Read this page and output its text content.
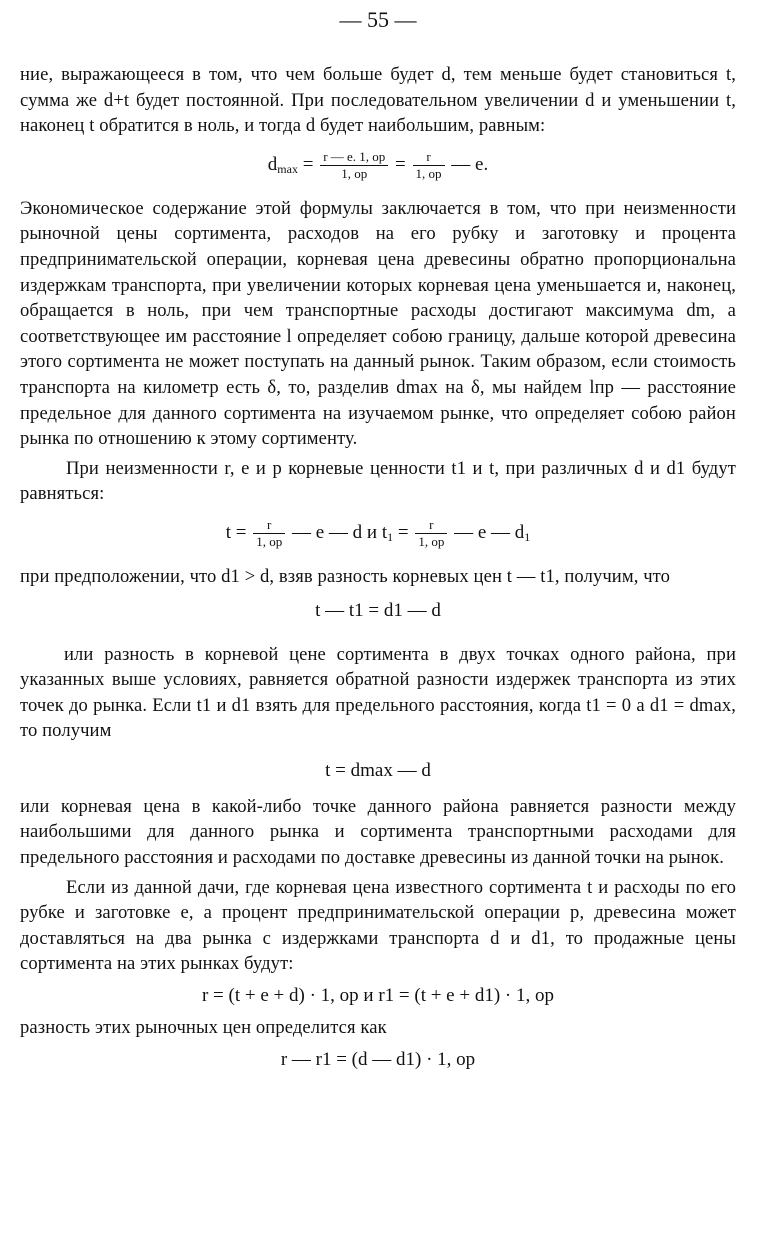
— 55 —

ние, выражающееся в том, что чем больше будет d, тем меньше будет становиться t, сумма же d+t будет постоянной. При последовательном увеличении d и уменьшении t, наконец t обратится в ноль, и тогда d будет наибольшим, равным:

$d_{max} = \frac{r — e. 1, op}{1, op} = \frac{r}{1, op}$ — e.

Экономическое содержание этой формулы заключается в том, что при неизменности рыночной цены сортимента, расходов на его рубку и заготовку и процента предпринимательской операции, корневая цена древесины обратно пропорциональна издержкам транспорта, при увеличении которых корневая цена уменьшается и, наконец, обращается в ноль, при чем транспортные расходы достигают максимума dm, а соответствующее им расстояние l определяет собою границу, дальше которой древесина этого сортимента не может поступать на данный рынок. Таким образом, если стоимость транспорта на километр есть δ, то, разделив dmax на δ, мы найдем lпр — расстояние предельное для данного сортимента на изучаемом рынке, что определяет собою район рынка по отношению к этому сортименту.

При неизменности r, e и p корневые ценности t1 и t, при различных d и d1 будут равняться:

$t = \frac{r}{1, op}$ — e — d и $t_1 = \frac{r}{1, op}$ — e — $d_1$

при предположении, что d1 > d, взяв разность корневых цен t — t1, получим, что

t — t1 = d1 — d

или разность в корневой цене сортимента в двух точках одного района, при указанных выше условиях, равняется обратной разности издержек транспорта из этих точек до рынка. Если t1 и d1 взять для предельного расстояния, когда t1 = 0 а d1 = dmax, то получим

t = dmax — d

или корневая цена в какой-либо точке данного района равняется разности между наибольшими для данного рынка и сортимента транспортными расходами для предельного расстояния и расходами по доставке древесины из данной точки на рынок.

Если из данной дачи, где корневая цена известного сортимента t и расходы по его рубке и заготовке e, а процент предпринимательской операции p, древесина может доставляться на два рынка с издержками транспорта d и d1, то продажные цены сортимента на этих рынках будут:

r = (t + e + d) · 1, op и r1 = (t + e + d1) · 1, op

разность этих рыночных цен определится как

r — r1 = (d — d1) · 1, op
